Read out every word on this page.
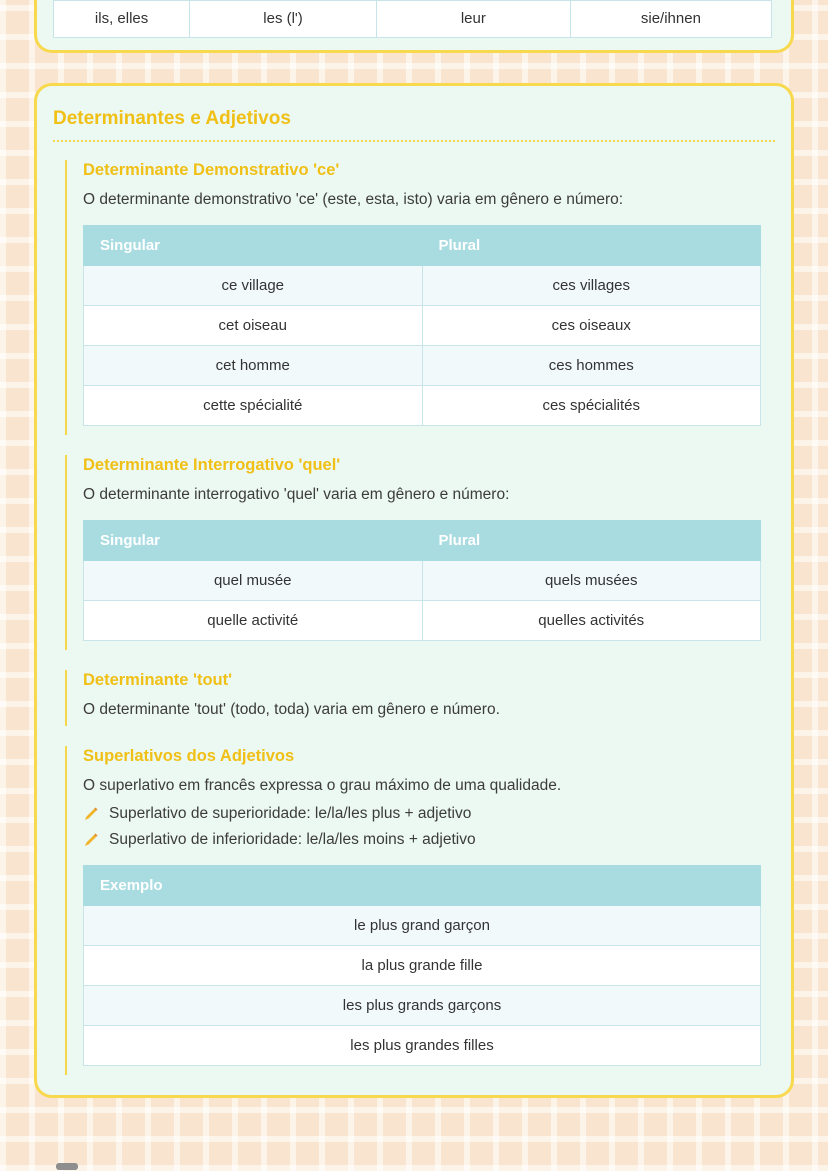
ils, elles	les (l')	leur	sie/ihnen
Determinantes e Adjetivos
Determinante Demonstrativo 'ce'

O determinante demonstrativo 'ce' (este, esta, isto) varia em gênero e número:

Singular	Plural
ce village	ces villages
cet oiseau	ces oiseaux
cet homme	ces hommes
cette spécialité	ces spécialités
Determinante Interrogativo 'quel'

O determinante interrogativo 'quel' varia em gênero e número:

Singular	Plural
quel musée	quels musées
quelle activité	quelles activités
Determinante 'tout'

O determinante 'tout' (todo, toda) varia em gênero e número.

Superlativos dos Adjetivos

O superlativo em francês expressa o grau máximo de uma qualidade.

Superlativo de superioridade: le/la/les plus + adjetivo
Superlativo de inferioridade: le/la/les moins + adjetivo
Exemplo
le plus grand garçon
la plus grande fille
les plus grands garçons
les plus grandes filles
